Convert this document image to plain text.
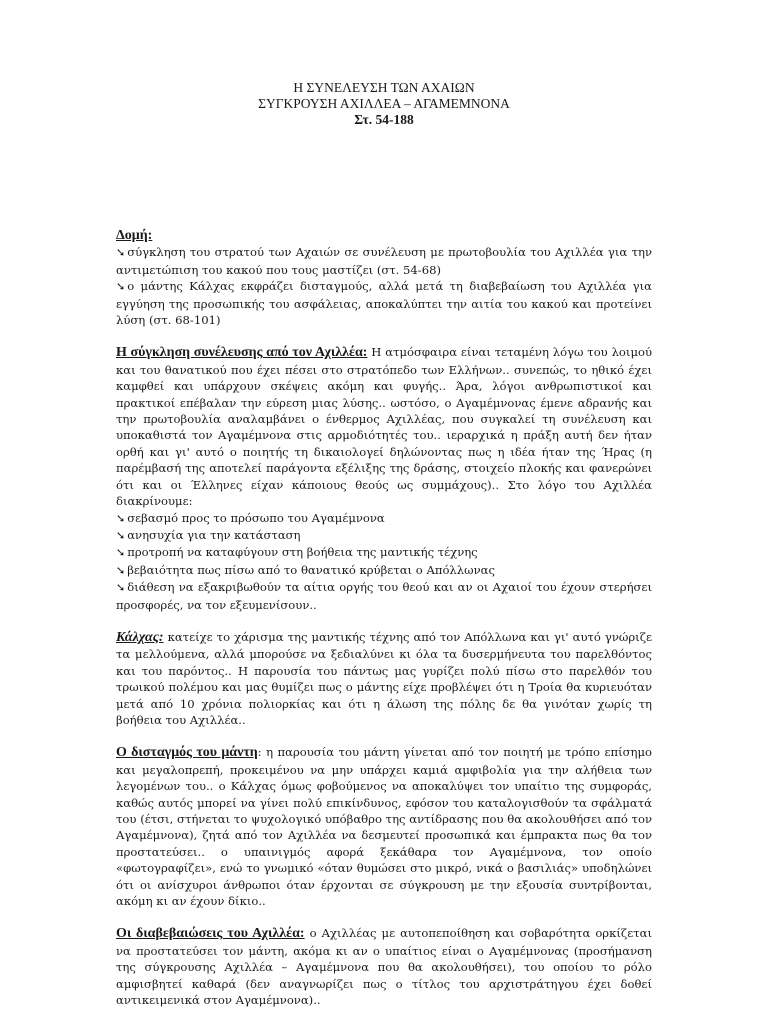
Η ΣΥΝΕΛΕΥΣΗ ΤΩΝ ΑΧΑΙΩΝ
ΣΥΓΚΡΟΥΣΗ ΑΧΙΛΛΕΑ – ΑΓΑΜΕΜΝΟΝΑ
Στ. 54-188
Δομή:

➘ σύγκληση του στρατού των Αχαιών σε συνέλευση με πρωτοβουλία του Αχιλλέα για την αντιμετώπιση του κακού που τους μαστίζει (στ. 54-68)

➘ ο μάντης Κάλχας εκφράζει δισταγμούς, αλλά μετά τη διαβεβαίωση του Αχιλλέα για εγγύηση της προσωπικής του ασφάλειας, αποκαλύπτει την αιτία του κακού και προτείνει λύση (στ. 68-101)

Η σύγκληση συνέλευσης από τον Αχιλλέα: Η ατμόσφαιρα είναι τεταμένη λόγω του λοιμού και του θανατικού που έχει πέσει στο στρατόπεδο των Ελλήνων.. συνεπώς, το ηθικό έχει καμφθεί και υπάρχουν σκέψεις ακόμη και φυγής.. Άρα, λόγοι ανθρωπιστικοί και πρακτικοί επέβαλαν την εύρεση μιας λύσης.. ωστόσο, ο Αγαμέμνονας έμενε αδρανής και την πρωτοβουλία αναλαμβάνει ο ένθερμος Αχιλλέας, που συγκαλεί τη συνέλευση και υποκαθιστά τον Αγαμέμνονα στις αρμοδιότητές του.. ιεραρχικά η πράξη αυτή δεν ήταν ορθή και γι' αυτό ο ποιητής τη δικαιολογεί δηλώνοντας πως η ιδέα ήταν της Ήρας (η παρέμβασή της αποτελεί παράγοντα εξέλιξης της δράσης, στοιχείο πλοκής και φανερώνει ότι και οι Έλληνες είχαν κάποιους θεούς ως συμμάχους).. Στο λόγο του Αχιλλέα διακρίνουμε:

➘ σεβασμό προς το πρόσωπο του Αγαμέμνονα

➘ ανησυχία για την κατάσταση

➘ προτροπή να καταφύγουν στη βοήθεια της μαντικής τέχνης

➘ βεβαιότητα πως πίσω από το θανατικό κρύβεται ο Απόλλωνας

➘ διάθεση να εξακριβωθούν τα αίτια οργής του θεού και αν οι Αχαιοί του έχουν στερήσει προσφορές, να τον εξευμενίσουν..

Κάλχας: κατείχε το χάρισμα της μαντικής τέχνης από τον Απόλλωνα και γι' αυτό γνώριζε τα μελλούμενα, αλλά μπορούσε να ξεδιαλύνει κι όλα τα δυσερμήνευτα του παρελθόντος και του παρόντος.. Η παρουσία του πάντως μας γυρίζει πολύ πίσω στο παρελθόν του τρωικού πολέμου και μας θυμίζει πως ο μάντης είχε προβλέψει ότι η Τροία θα κυριευόταν μετά από 10 χρόνια πολιορκίας και ότι η άλωση της πόλης δε θα γινόταν χωρίς τη βοήθεια του Αχιλλέα..

Ο δισταγμός του μάντη: η παρουσία του μάντη γίνεται από τον ποιητή με τρόπο επίσημο και μεγαλοπρεπή, προκειμένου να μην υπάρχει καμιά αμφιβολία για την αλήθεια των λεγομένων του.. ο Κάλχας όμως φοβούμενος να αποκαλύψει τον υπαίτιο της συμφοράς, καθώς αυτός μπορεί να γίνει πολύ επικίνδυνος, εφόσον του καταλογισθούν τα σφάλματά του (έτσι, στήνεται το ψυχολογικό υπόβαθρο της αντίδρασης που θα ακολουθήσει από τον Αγαμέμνονα), ζητά από τον Αχιλλέα να δεσμευτεί προσωπικά και έμπρακτα πως θα τον προστατεύσει.. ο υπαινιγμός αφορά ξεκάθαρα τον Αγαμέμνονα, τον οποίο «φωτογραφίζει», ενώ το γνωμικό «όταν θυμώσει στο μικρό, νικά ο βασιλιάς» υποδηλώνει ότι οι ανίσχυροι άνθρωποι όταν έρχονται σε σύγκρουση με την εξουσία συντρίβονται, ακόμη κι αν έχουν δίκιο..

Οι διαβεβαιώσεις του Αχιλλέα: ο Αχιλλέας με αυτοπεποίθηση και σοβαρότητα ορκίζεται να προστατεύσει τον μάντη, ακόμα κι αν ο υπαίτιος είναι ο Αγαμέμνονας (προσήμανση της σύγκρουσης Αχιλλέα – Αγαμέμνονα που θα ακολουθήσει), του οποίου το ρόλο αμφισβητεί καθαρά (δεν αναγνωρίζει πως ο τίτλος του αρχιστράτηγου έχει δοθεί αντικειμενικά στον Αγαμέμνονα)..
